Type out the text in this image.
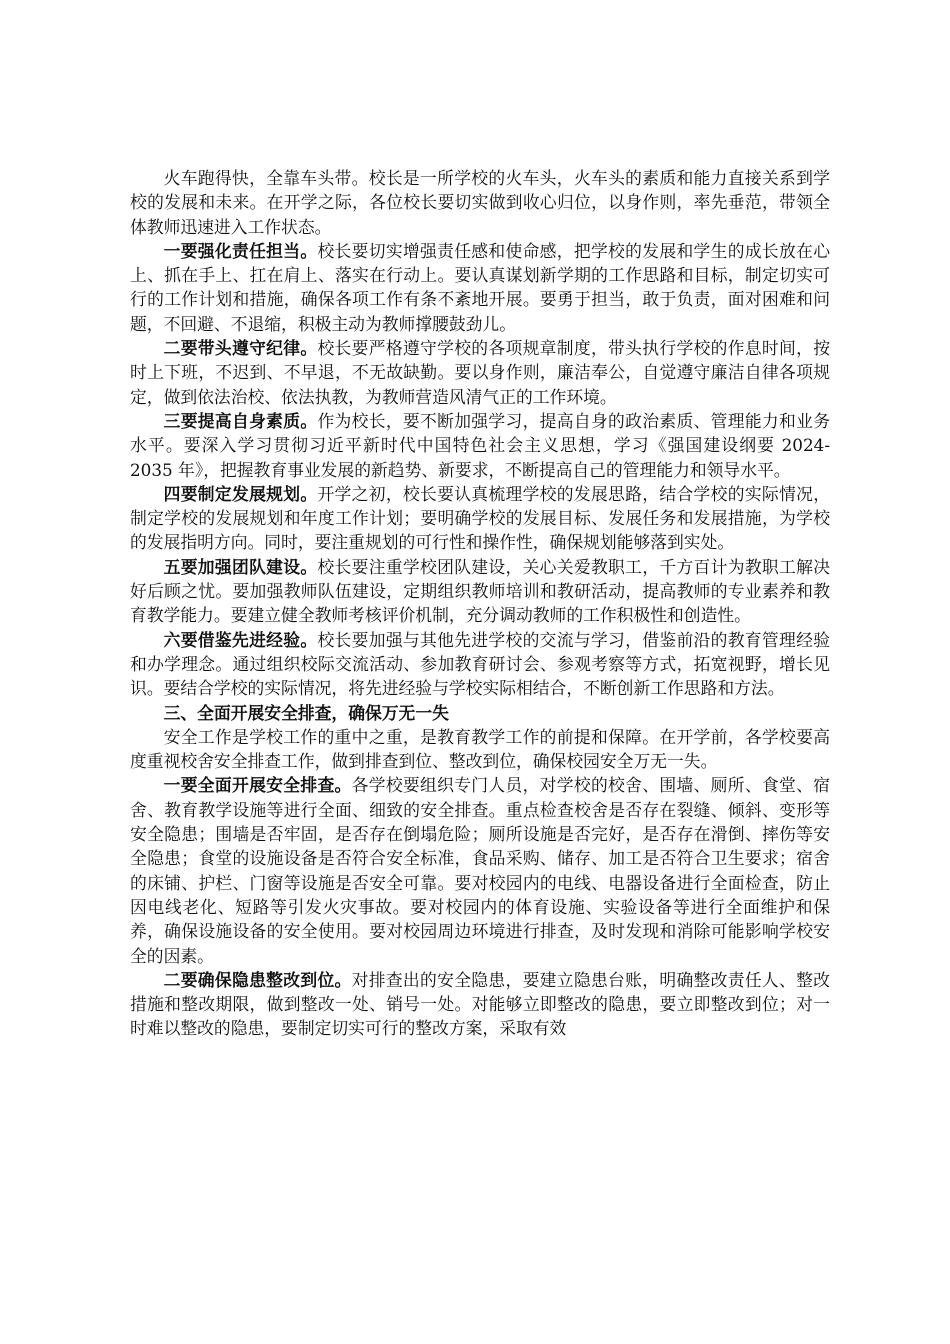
火车跑得快，全靠车头带。校长是一所学校的火车头，火车头的素质和能力直接关系到学校的发展和未来。在开学之际，各位校长要切实做到收心归位，以身作则，率先垂范，带领全体教师迅速进入工作状态。

一要强化责任担当。校长要切实增强责任感和使命感，把学校的发展和学生的成长放在心上、抓在手上、扛在肩上、落实在行动上。要认真谋划新学期的工作思路和目标，制定切实可行的工作计划和措施，确保各项工作有条不紊地开展。要勇于担当，敢于负责，面对困难和问题，不回避、不退缩，积极主动为教师撑腰鼓劲儿。

二要带头遵守纪律。校长要严格遵守学校的各项规章制度，带头执行学校的作息时间，按时上下班，不迟到、不早退，不无故缺勤。要以身作则，廉洁奉公，自觉遵守廉洁自律各项规定，做到依法治校、依法执教，为教师营造风清气正的工作环境。

三要提高自身素质。作为校长，要不断加强学习，提高自身的政治素质、管理能力和业务水平。要深入学习贯彻习近平新时代中国特色社会主义思想，学习《强国建设纲要 2024-2035 年》，把握教育事业发展的新趋势、新要求，不断提高自己的管理能力和领导水平。

四要制定发展规划。开学之初，校长要认真梳理学校的发展思路，结合学校的实际情况，制定学校的发展规划和年度工作计划；要明确学校的发展目标、发展任务和发展措施，为学校的发展指明方向。同时，要注重规划的可行性和操作性，确保规划能够落到实处。

五要加强团队建设。校长要注重学校团队建设，关心关爱教职工，千方百计为教职工解决好后顾之忧。要加强教师队伍建设，定期组织教师培训和教研活动，提高教师的专业素养和教育教学能力。要建立健全教师考核评价机制，充分调动教师的工作积极性和创造性。

六要借鉴先进经验。校长要加强与其他先进学校的交流与学习，借鉴前沿的教育管理经验和办学理念。通过组织校际交流活动、参加教育研讨会、参观考察等方式，拓宽视野，增长见识。要结合学校的实际情况，将先进经验与学校实际相结合，不断创新工作思路和方法。

三、全面开展安全排查，确保万无一失

安全工作是学校工作的重中之重，是教育教学工作的前提和保障。在开学前，各学校要高度重视校舍安全排查工作，做到排查到位、整改到位，确保校园安全万无一失。

一要全面开展安全排查。各学校要组织专门人员，对学校的校舍、围墙、厕所、食堂、宿舍、教育教学设施等进行全面、细致的安全排查。重点检查校舍是否存在裂缝、倾斜、变形等安全隐患；围墙是否牢固，是否存在倒塌危险；厕所设施是否完好，是否存在滑倒、摔伤等安全隐患；食堂的设施设备是否符合安全标准，食品采购、储存、加工是否符合卫生要求；宿舍的床铺、护栏、门窗等设施是否安全可靠。要对校园内的电线、电器设备进行全面检查，防止因电线老化、短路等引发火灾事故。要对校园内的体育设施、实验设备等进行全面维护和保养，确保设施设备的安全使用。要对校园周边环境进行排查，及时发现和消除可能影响学校安全的因素。

二要确保隐患整改到位。对排查出的安全隐患，要建立隐患台账，明确整改责任人、整改措施和整改期限，做到整改一处、销号一处。对能够立即整改的隐患，要立即整改到位；对一时难以整改的隐患，要制定切实可行的整改方案，采取有效
